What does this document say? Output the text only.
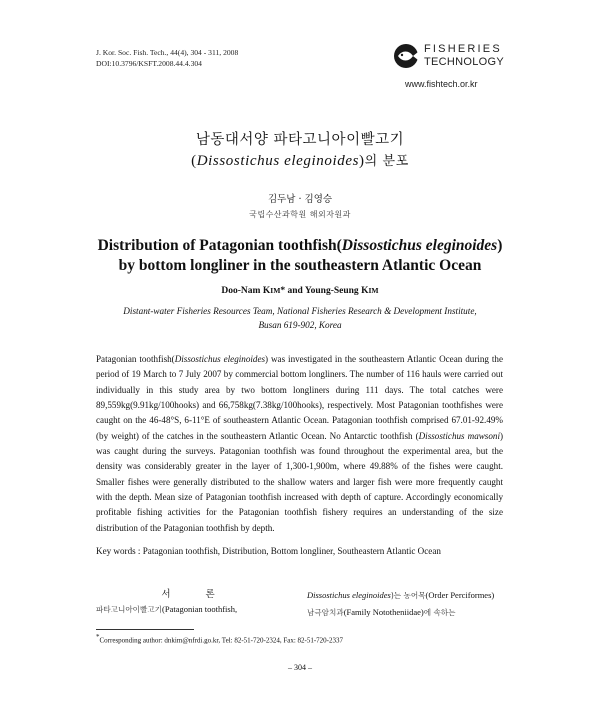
J. Kor. Soc. Fish. Tech., 44(4), 304 - 311, 2008
DOI:10.3796/KSFT.2008.44.4.304
FISHERIES
TECHNOLOGY
www.fishtech.or.kr
남동대서양 파타고니아이빨고기
(Dissostichus eleginoides)의 분포
김두남 · 김영승
국립수산과학원 해외자원과
Distribution of Patagonian toothfish(Dissostichus eleginoides)
by bottom longliner in the southeastern Atlantic Ocean
Doo-Nam KIM* and Young-Seung KIM
Distant-water Fisheries Resources Team, National Fisheries Research & Development Institute,
Busan 619-902, Korea
Patagonian toothfish(Dissostichus eleginoides) was investigated in the southeastern Atlantic Ocean during the period of 19 March to 7 July 2007 by commercial bottom longliners. The number of 116 hauls were carried out individually in this study area by two bottom longliners during 111 days. The total catches were 89,559kg(9.91kg/100hooks) and 66,758kg(7.38kg/100hooks), respectively. Most Patagonian toothfishes were caught on the 46-48°S, 6-11°E of southeastern Atlantic Ocean. Patagonian toothfish comprised 67.01-92.49%(by weight) of the catches in the southeastern Atlantic Ocean. No Antarctic toothfish (Dissostichus mawsoni) was caught during the surveys. Patagonian toothfish was found throughout the experimental area, but the density was considerably greater in the layer of 1,300-1,900m, where 49.88% of the fishes were caught. Smaller fishes were generally distributed to the shallow waters and larger fish were more frequently caught with the depth. Mean size of Patagonian toothfish increased with depth of capture. Accordingly economically profitable fishing activities for the Patagonian toothfish fishery requires an understanding of the size distribution of the Patagonian toothfish by depth.
Key words : Patagonian toothfish, Distribution, Bottom longliner, Southeastern Atlantic Ocean
서 론
파타고니아이빨고기(Patagonian toothfish,
Dissostichus eleginoides)는 농어목(Order Perciformes)
남극암치과(Family Nototheniidae)에 속하는
*Corresponding author: dnkim@nfrdi.go.kr, Tel: 82-51-720-2324, Fax: 82-51-720-2337
– 304 –
